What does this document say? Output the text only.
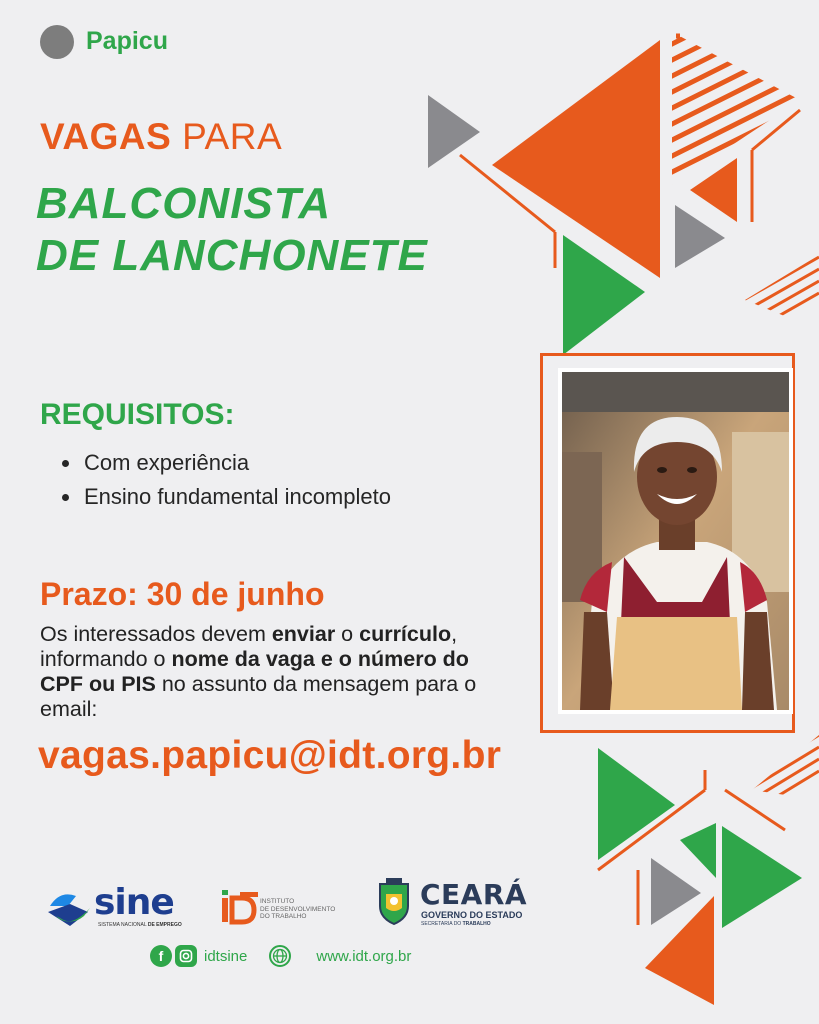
Papicu
VAGAS PARA
BALCONISTA
DE LANCHONETE
REQUISITOS:
Com experiência
Ensino fundamental incompleto
Prazo: 30 de junho
Os interessados devem enviar o currículo, informando o nome da vaga e o número do CPF ou PIS no assunto da mensagem para o email:
vagas.papicu@idt.org.br
sine
SISTEMA NACIONAL DE EMPREGO
INSTITUTO
DE DESENVOLVIMENTO
DO TRABALHO
CEARÁ
GOVERNO DO ESTADO
SECRETARIA DO TRABALHO
f	idtsine	www.idt.org.br
